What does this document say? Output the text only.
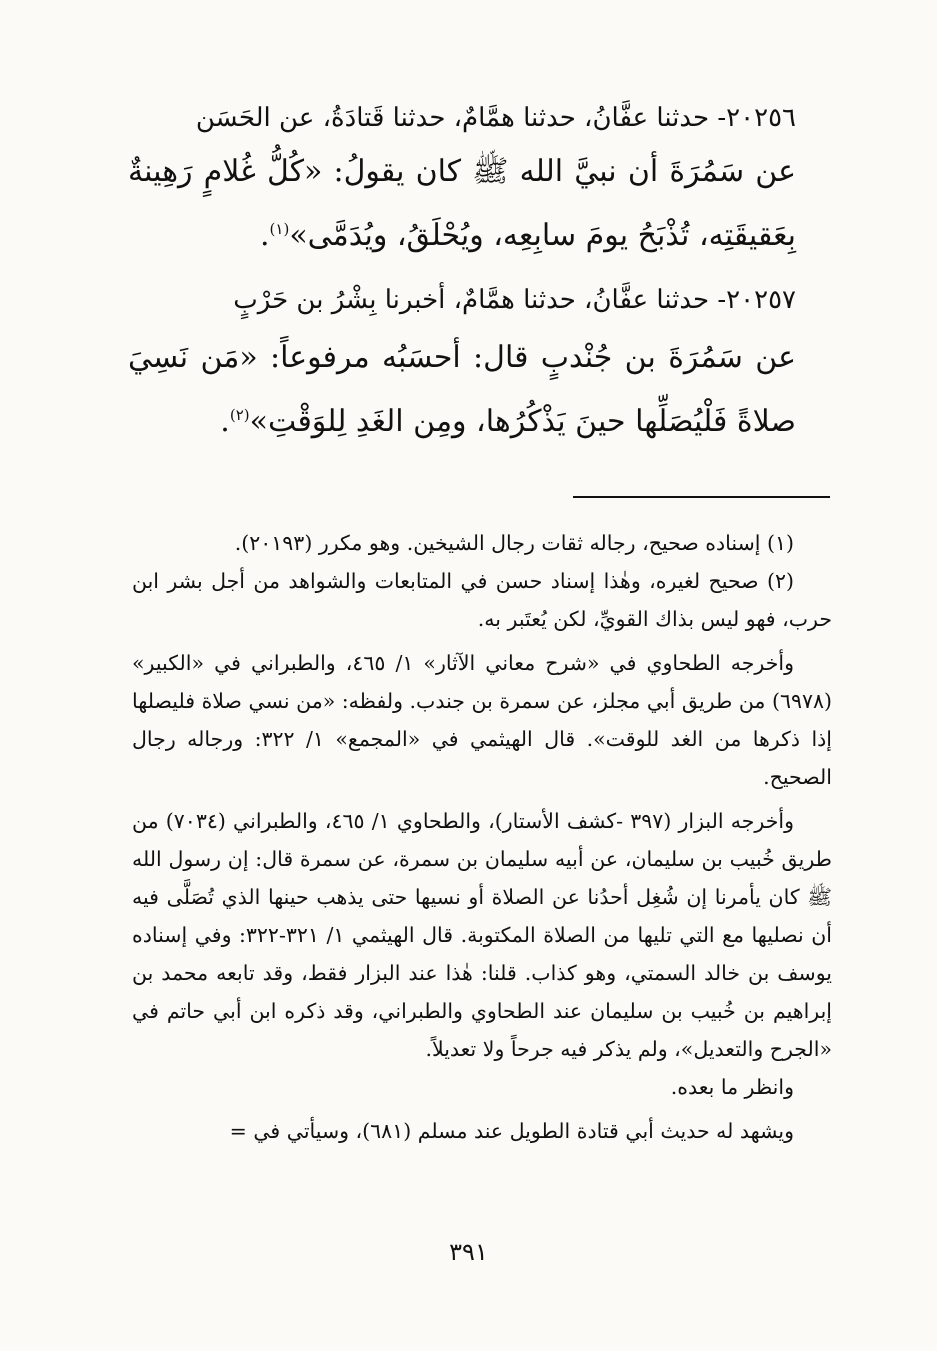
٢٠٢٥٦- حدثنا عفَّانُ، حدثنا همَّامٌ، حدثنا قَتادَةُ، عن الحَسَن
عن سَمُرَةَ أن نبيَّ الله ﷺ كان يقولُ: «كُلُّ غُلامٍ رَهِينةٌ بِعَقيقَتِه، تُذْبَحُ يومَ سابِعِه، ويُحْلَقُ، ويُدَمَّى»$^{(١)}$.
٢٠٢٥٧- حدثنا عفَّانُ، حدثنا همَّامٌ، أخبرنا بِشْرُ بن حَرْبٍ
عن سَمُرَةَ بن جُنْدبٍ قال: أحسَبُه مرفوعاً: «مَن نَسِيَ صلاةً فَلْيُصَلِّها حينَ يَذْكُرُها، ومِن الغَدِ لِلوَقْتِ»$^{(٢)}$.

(١) إسناده صحيح، رجاله ثقات رجال الشيخين. وهو مكرر (٢٠١٩٣).

(٢) صحيح لغيره، وهٰذا إسناد حسن في المتابعات والشواهد من أجل بشر ابن حرب، فهو ليس بذاك القويِّ، لكن يُعتَبر به.

وأخرجه الطحاوي في «شرح معاني الآثار» ١/ ٤٦٥، والطبراني في «الكبير» (٦٩٧٨) من طريق أبي مجلز، عن سمرة بن جندب. ولفظه: «من نسي صلاة فليصلها إذا ذكرها من الغد للوقت». قال الهيثمي في «المجمع» ١/ ٣٢٢: ورجاله رجال الصحيح.

وأخرجه البزار (٣٩٧ -كشف الأستار)، والطحاوي ١/ ٤٦٥، والطبراني (٧٠٣٤) من طريق خُبيب بن سليمان، عن أبيه سليمان بن سمرة، عن سمرة قال: إن رسول الله ﷺ كان يأمرنا إن شُغِل أحدُنا عن الصلاة أو نسيها حتى يذهب حينها الذي تُصَلَّى فيه أن نصليها مع التي تليها من الصلاة المكتوبة. قال الهيثمي ١/ ٣٢١-٣٢٢: وفي إسناده يوسف بن خالد السمتي، وهو كذاب. قلنا: هٰذا عند البزار فقط، وقد تابعه محمد بن إبراهيم بن خُبيب بن سليمان عند الطحاوي والطبراني، وقد ذكره ابن أبي حاتم في «الجرح والتعديل»، ولم يذكر فيه جرحاً ولا تعديلاً.

وانظر ما بعده.

ويشهد له حديث أبي قتادة الطويل عند مسلم (٦٨١)، وسيأتي في =

٣٩١
